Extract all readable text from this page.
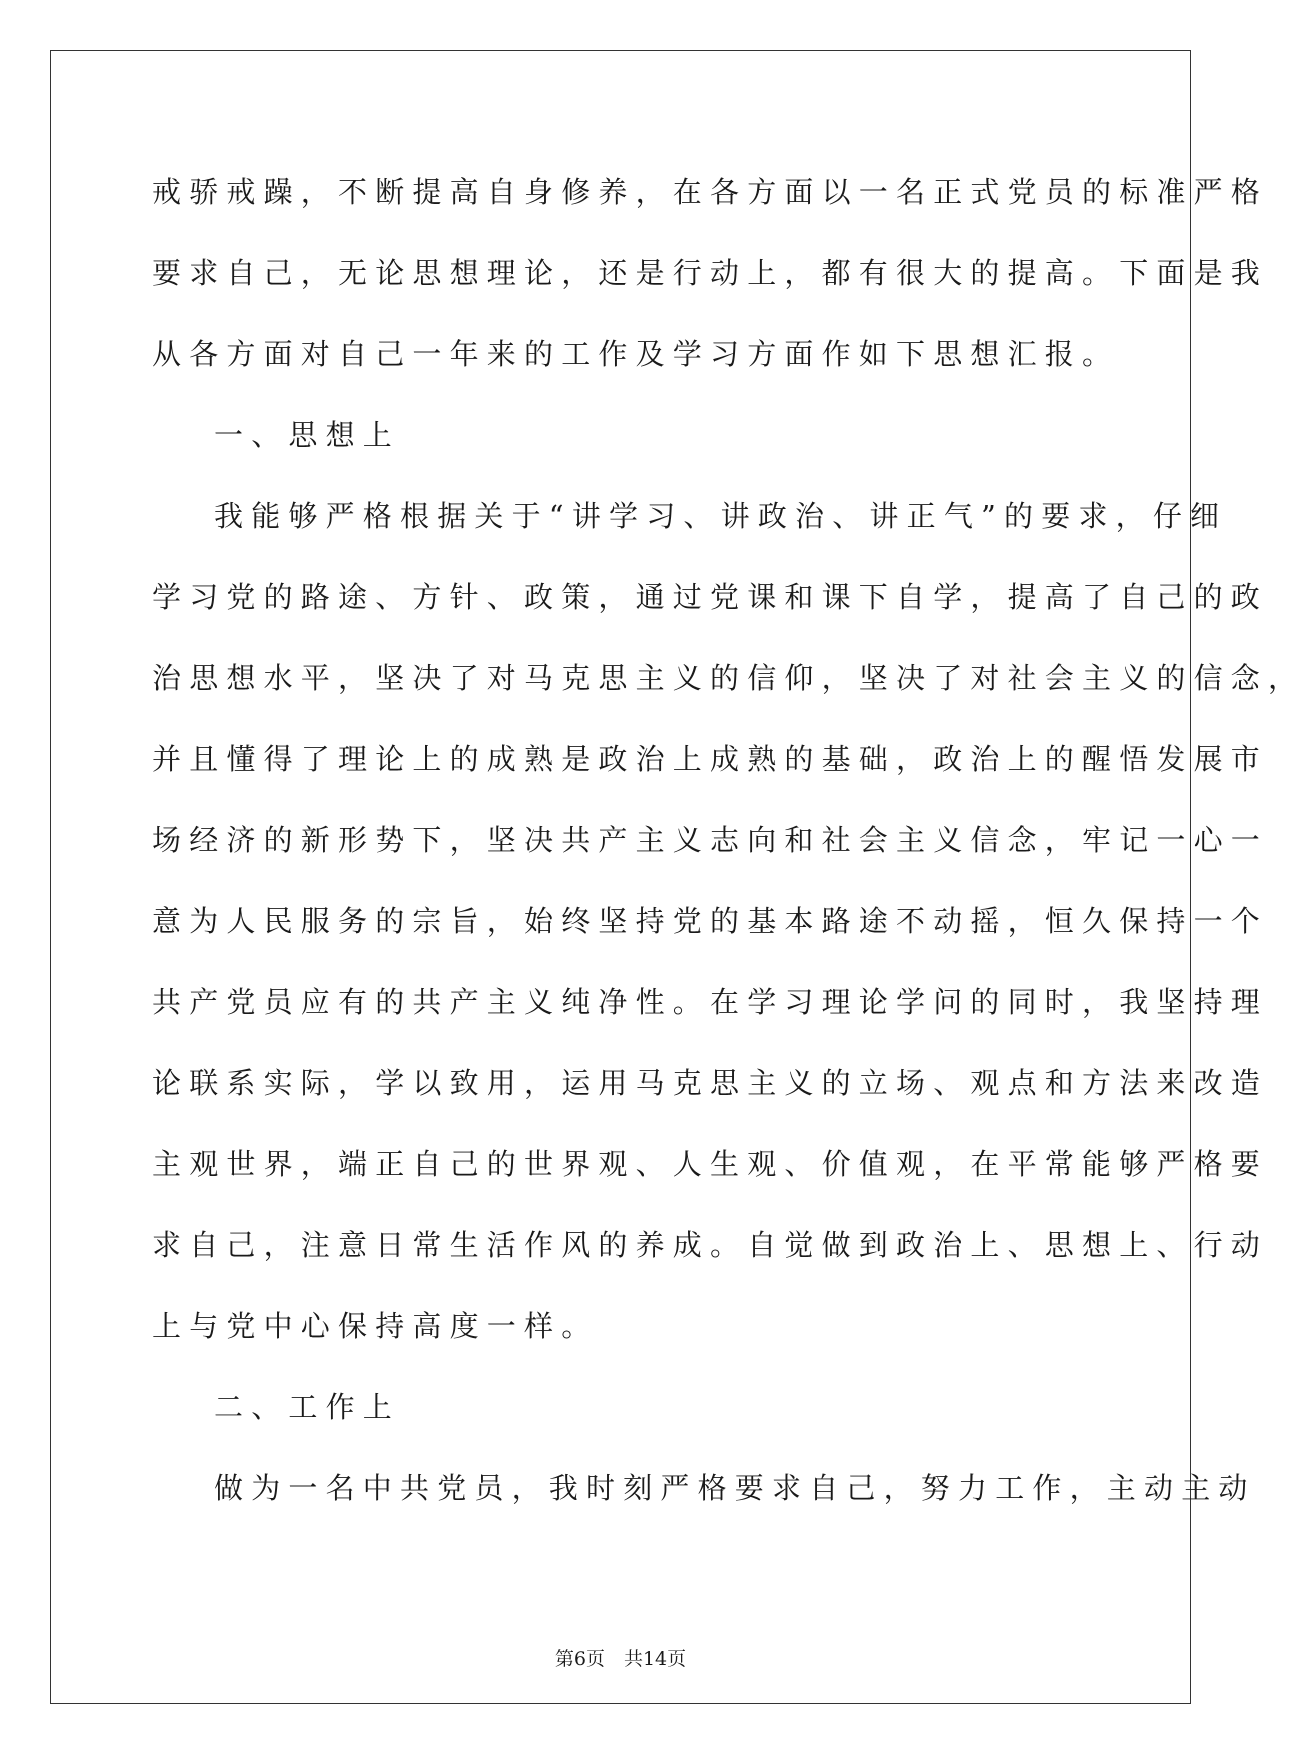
戒骄戒躁，不断提高自身修养，在各方面以一名正式党员的标准严格
要求自己，无论思想理论，还是行动上，都有很大的提高。下面是我
从各方面对自己一年来的工作及学习方面作如下思想汇报。
一、思想上
我能够严格根据关于“讲学习、讲政治、讲正气”的要求，仔细
学习党的路途、方针、政策，通过党课和课下自学，提高了自己的政
治思想水平，坚决了对马克思主义的信仰，坚决了对社会主义的信念，
并且懂得了理论上的成熟是政治上成熟的基础，政治上的醒悟发展市
场经济的新形势下，坚决共产主义志向和社会主义信念，牢记一心一
意为人民服务的宗旨，始终坚持党的基本路途不动摇，恒久保持一个
共产党员应有的共产主义纯净性。在学习理论学问的同时，我坚持理
论联系实际，学以致用，运用马克思主义的立场、观点和方法来改造
主观世界，端正自己的世界观、人生观、价值观，在平常能够严格要
求自己，注意日常生活作风的养成。自觉做到政治上、思想上、行动
上与党中心保持高度一样。
二、工作上
做为一名中共党员，我时刻严格要求自己，努力工作，主动主动
第6页　共14页
